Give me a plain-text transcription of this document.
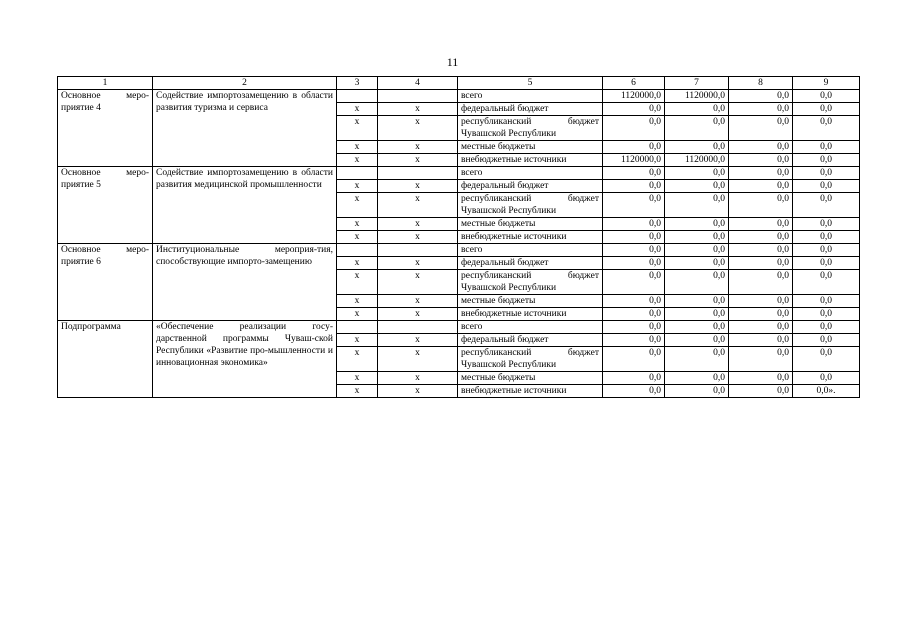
11
1	2	3	4	5	6	7	8	9
Основное меро-приятие 4	Содействие импортозамещению в области развития туризма и сервиса			всего	1120000,0	1120000,0	0,0	0,0
		х	х	федеральный бюджет	0,0	0,0	0,0	0,0
		х	х	республиканский бюджет Чувашской Республики	0,0	0,0	0,0	0,0
		х	х	местные бюджеты	0,0	0,0	0,0	0,0
		х	х	внебюджетные источники	1120000,0	1120000,0	0,0	0,0
Основное меро-приятие 5	Содействие импортозамещению в области развития медицинской промышленности			всего	0,0	0,0	0,0	0,0
		х	х	федеральный бюджет	0,0	0,0	0,0	0,0
		х	х	республиканский бюджет Чувашской Республики	0,0	0,0	0,0	0,0
		х	х	местные бюджеты	0,0	0,0	0,0	0,0
		х	х	внебюджетные источники	0,0	0,0	0,0	0,0
Основное меро-приятие 6	Институциональные мероприя-тия, способствующие импорто-замещению			всего	0,0	0,0	0,0	0,0
		х	х	федеральный бюджет	0,0	0,0	0,0	0,0
		х	х	республиканский бюджет Чувашской Республики	0,0	0,0	0,0	0,0
		х	х	местные бюджеты	0,0	0,0	0,0	0,0
		х	х	внебюджетные источники	0,0	0,0	0,0	0,0
Подпрограмма	«Обеспечение реализации госу-дарственной программы Чуваш-ской Республики «Развитие про-мышленности и инновационная экономика»			всего	0,0	0,0	0,0	0,0
		х	х	федеральный бюджет	0,0	0,0	0,0	0,0
		х	х	республиканский бюджет Чувашской Республики	0,0	0,0	0,0	0,0
		х	х	местные бюджеты	0,0	0,0	0,0	0,0
		х	х	внебюджетные источники	0,0	0,0	0,0	0,0».
